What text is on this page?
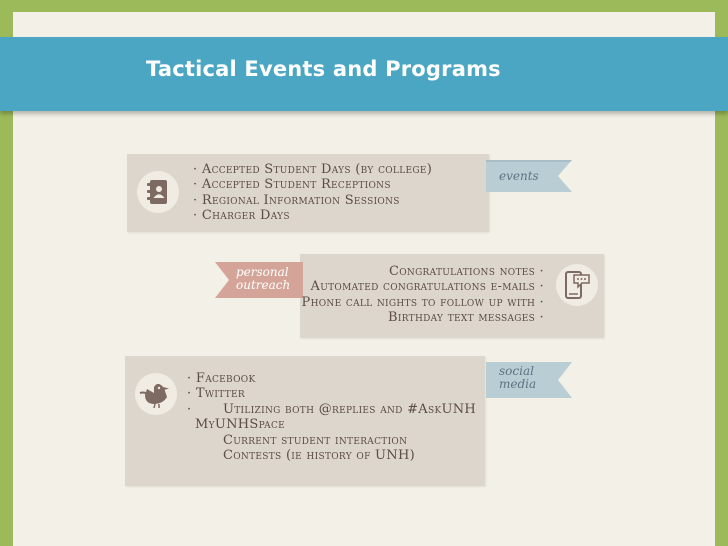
Tactical Events and Programs
· Accepted Student Days (by college)
· Accepted Student Receptions
· Regional Information Sessions
· Charger Days
events
personal
outreach
Congratulations notes ·
Automated congratulations e-mails ·
Phone call nights to follow up with ·
Birthday text messages ·
· Facebook
· Twitter
· Utilizing both @replies and #AskUNH
MyUNHSpace
Current student interaction
Contests (ie history of UNH)
social
media
